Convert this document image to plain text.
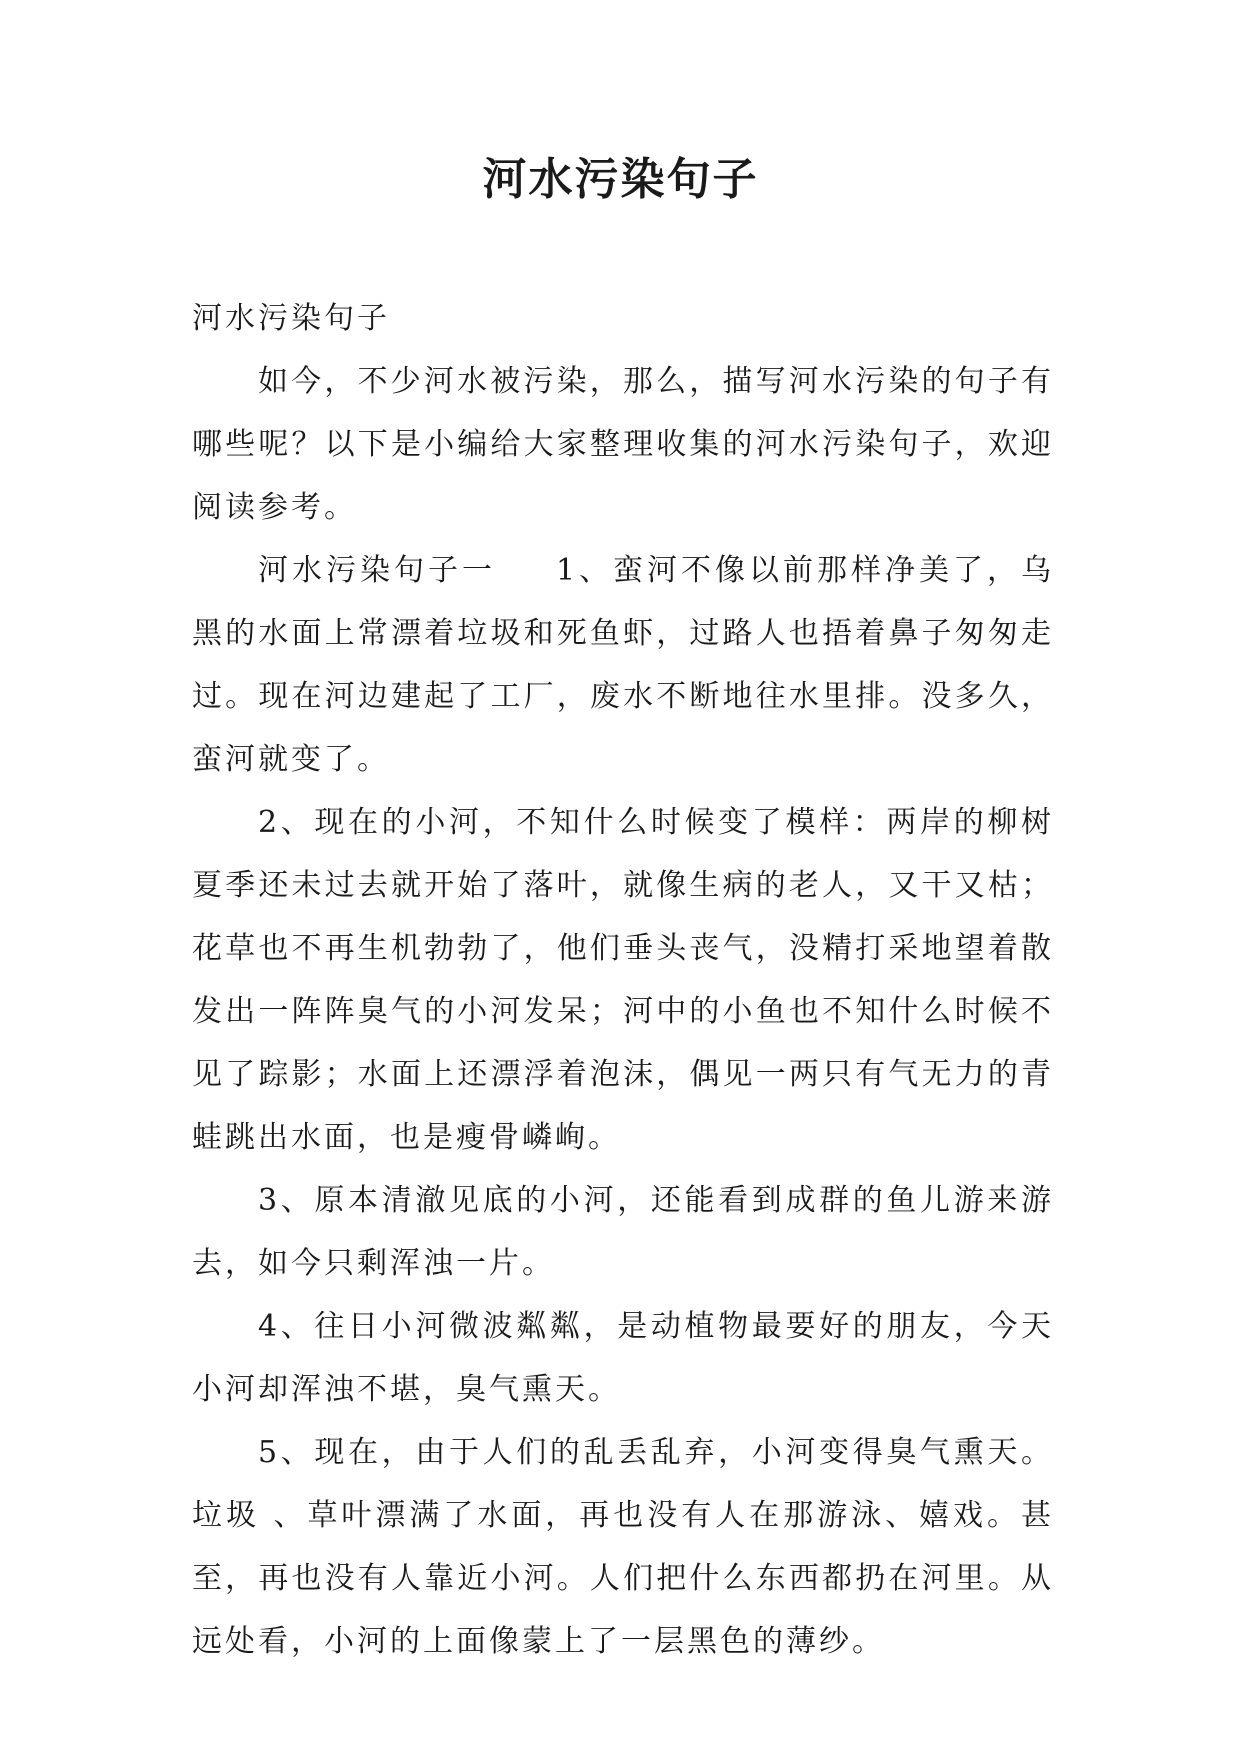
河水污染句子

河水污染句子

如今，不少河水被污染，那么，描写河水污染的句子有哪些呢？以下是小编给大家整理收集的河水污染句子，欢迎阅读参考。

河水污染句子一 1、蛮河不像以前那样净美了，乌黑的水面上常漂着垃圾和死鱼虾，过路人也捂着鼻子匆匆走过。现在河边建起了工厂，废水不断地往水里排。没多久，蛮河就变了。

2、现在的小河，不知什么时候变了模样：两岸的柳树夏季还未过去就开始了落叶，就像生病的老人，又干又枯；花草也不再生机勃勃了，他们垂头丧气，没精打采地望着散发出一阵阵臭气的小河发呆；河中的小鱼也不知什么时候不见了踪影；水面上还漂浮着泡沫，偶见一两只有气无力的青蛙跳出水面，也是瘦骨嶙峋。

3、原本清澈见底的小河，还能看到成群的鱼儿游来游去，如今只剩浑浊一片。

4、往日小河微波粼粼，是动植物最要好的朋友，今天小河却浑浊不堪，臭气熏天。

5、现在，由于人们的乱丢乱弃，小河变得臭气熏天。垃圾 、草叶漂满了水面，再也没有人在那游泳、嬉戏。甚至，再也没有人靠近小河。人们把什么东西都扔在河里。从远处看，小河的上面像蒙上了一层黑色的薄纱。
